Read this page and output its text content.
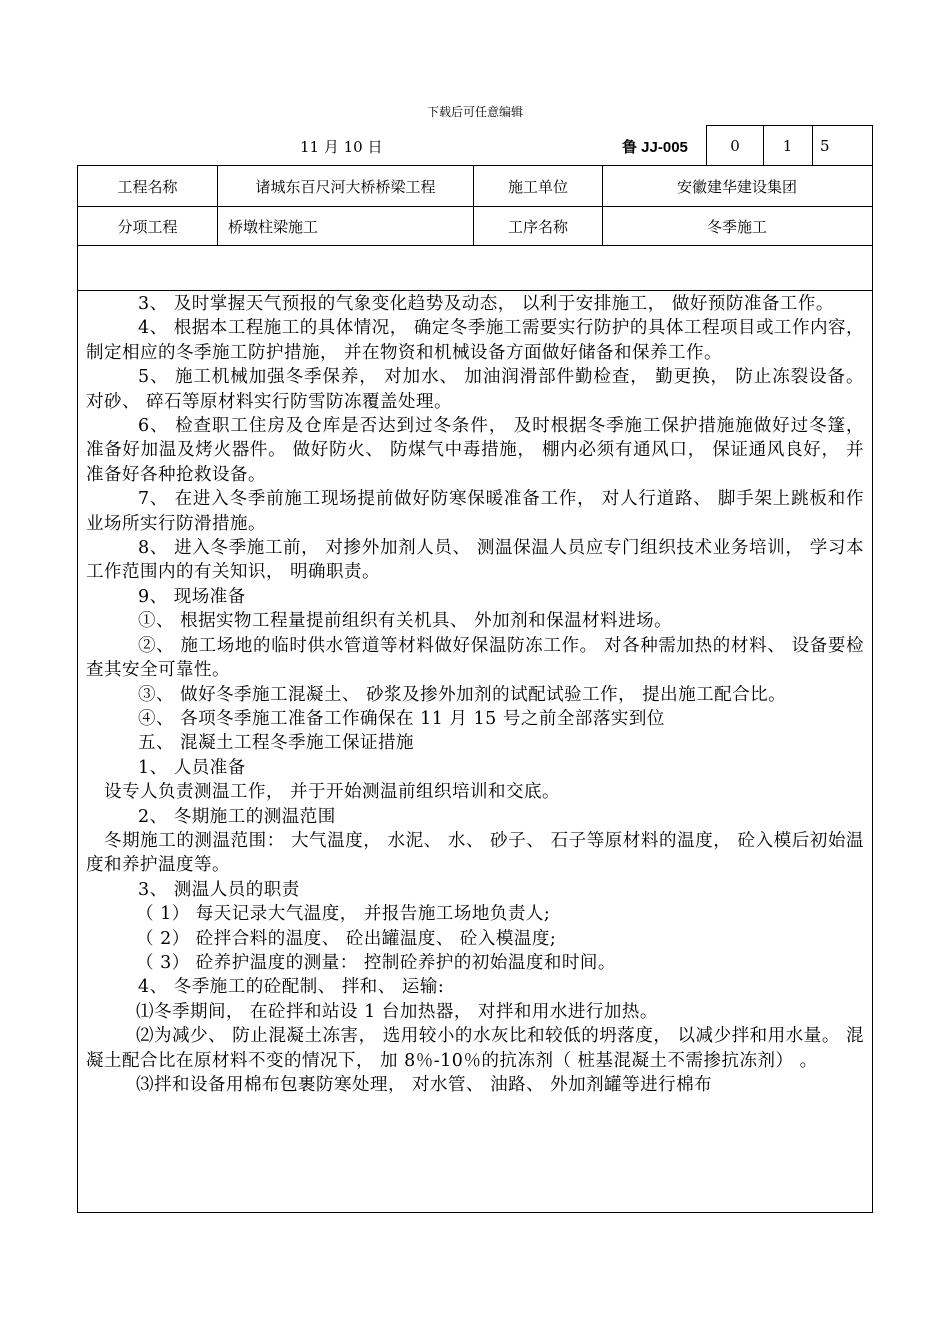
下载后可任意编辑
11 月 10 日	鲁 JJ-005	0	1	5
工程名称	诸城东百尺河大桥桥梁工程	施工单位	安徽建华建设集团
分项工程	桥墩柱梁施工	工序名称	冬季施工

3、 及时掌握天气预报的气象变化趋势及动态， 以利于安排施工， 做好预防准备工作。

4、 根据本工程施工的具体情况， 确定冬季施工需要实行防护的具体工程项目或工作内容， 制定相应的冬季施工防护措施， 并在物资和机械设备方面做好储备和保养工作。

5、 施工机械加强冬季保养， 对加水、 加油润滑部件勤检查， 勤更换， 防止冻裂设备。 对砂、 碎石等原材料实行防雪防冻覆盖处理。

6、 检查职工住房及仓库是否达到过冬条件， 及时根据冬季施工保护措施施做好过冬篷， 准备好加温及烤火器件。 做好防火、 防煤气中毒措施， 棚内必须有通风口， 保证通风良好， 并准备好各种抢救设备。

7、 在进入冬季前施工现场提前做好防寒保暖准备工作， 对人行道路、 脚手架上跳板和作业场所实行防滑措施。

8、 进入冬季施工前， 对掺外加剂人员、 测温保温人员应专门组织技术业务培训， 学习本工作范围内的有关知识， 明确职责。

9、 现场准备

①、 根据实物工程量提前组织有关机具、 外加剂和保温材料进场。

②、 施工场地的临时供水管道等材料做好保温防冻工作。 对各种需加热的材料、 设备要检查其安全可靠性。

③、 做好冬季施工混凝土、 砂浆及掺外加剂的试配试验工作， 提出施工配合比。

④、 各项冬季施工准备工作确保在 11 月 15 号之前全部落实到位

五、 混凝土工程冬季施工保证措施

1、 人员准备

设专人负责测温工作， 并于开始测温前组织培训和交底。

2、 冬期施工的测温范围

冬期施工的测温范围： 大气温度， 水泥、 水、 砂子、 石子等原材料的温度， 砼入模后初始温度和养护温度等。

3、 测温人员的职责

（ 1） 每天记录大气温度， 并报告施工场地负责人;

（ 2） 砼拌合料的温度、 砼出罐温度、 砼入模温度;

（ 3） 砼养护温度的测量： 控制砼养护的初始温度和时间。

4、 冬季施工的砼配制、 拌和、 运输:

⑴冬季期间， 在砼拌和站设 1 台加热器， 对拌和用水进行加热。

⑵为减少、 防止混凝土冻害， 选用较小的水灰比和较低的坍落度， 以减少拌和用水量。 混凝土配合比在原材料不变的情况下， 加 8％-10％的抗冻剂（ 桩基混凝土不需掺抗冻剂） 。

⑶拌和设备用棉布包裹防寒处理， 对水管、 油路、 外加剂罐等进行棉布
